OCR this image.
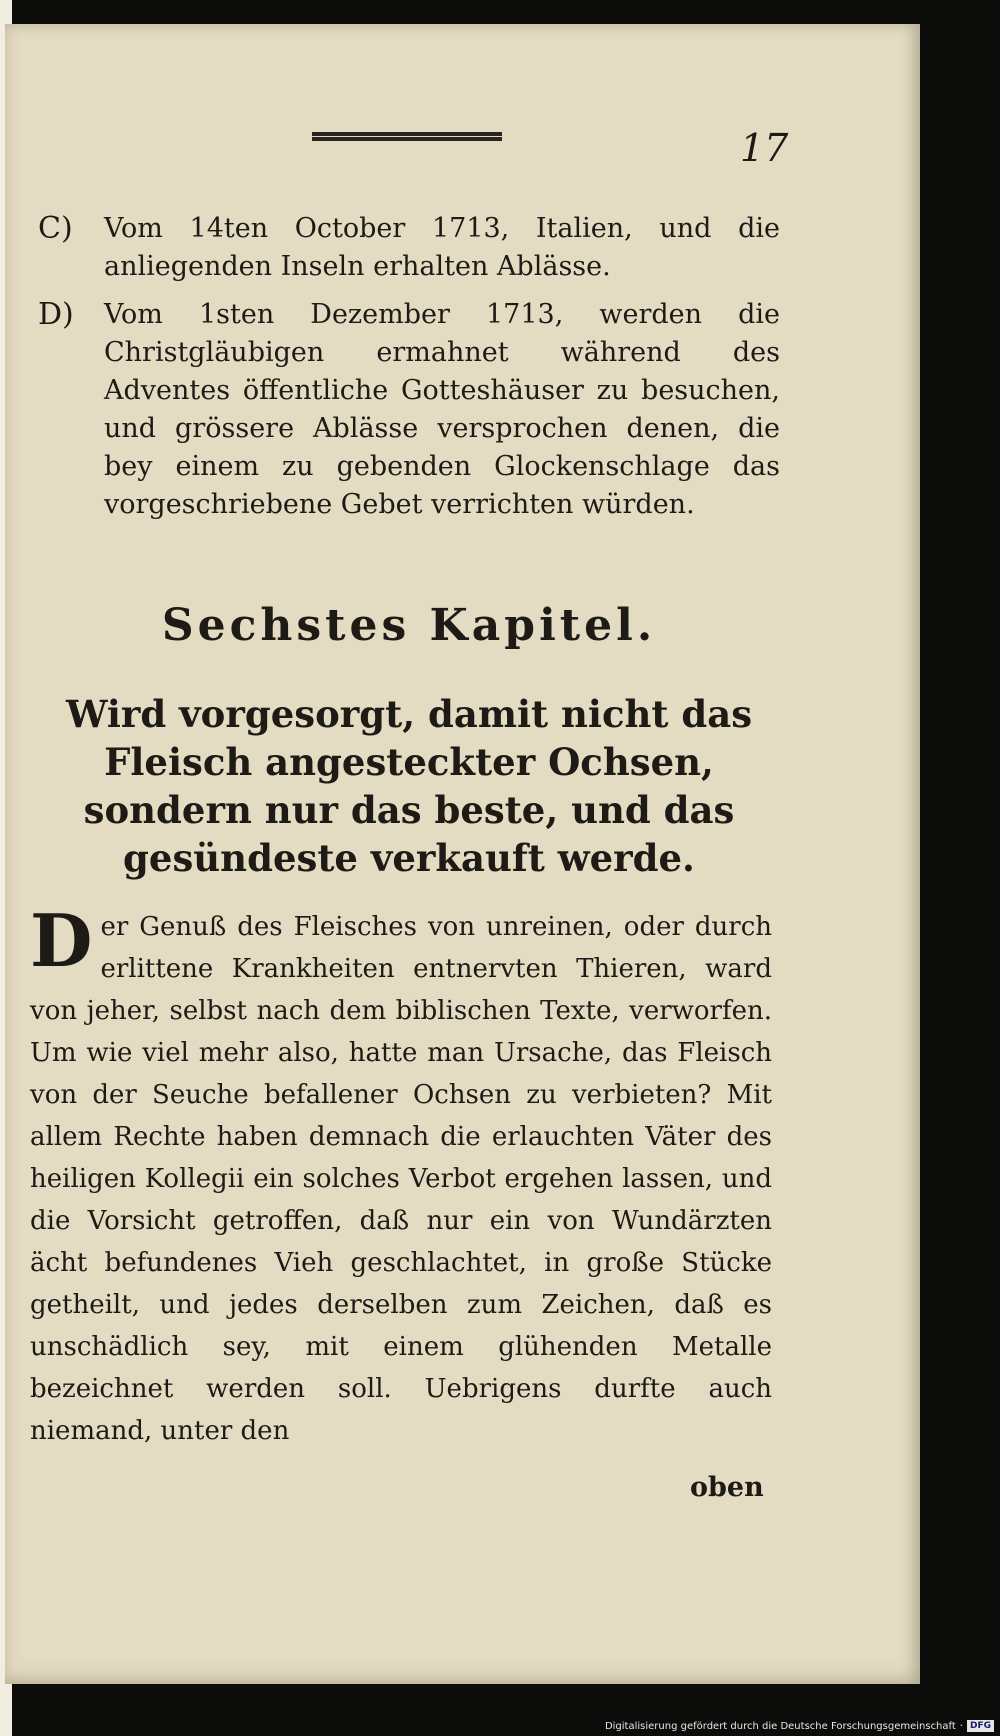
17
C) Vom 14ten October 1713, Italien, und die anliegenden Inseln erhalten Ablässe.
D) Vom 1sten Dezember 1713, werden die Christgläubigen ermahnet während des Adventes öffentliche Gotteshäuser zu besuchen, und grössere Ablässe versprochen denen, die bey einem zu gebenden Glockenschlage das vorgeschriebene Gebet verrichten würden.
Sechstes Kapitel.
Wird vorgesorgt, damit nicht das Fleisch angesteckter Ochsen, sondern nur das beste, und das gesündeste verkauft werde.
Der Genuß des Fleisches von unreinen, oder durch erlittene Krankheiten entnervten Thieren, ward von jeher, selbst nach dem biblischen Texte, verworfen. Um wie viel mehr also, hatte man Ursache, das Fleisch von der Seuche befallener Ochsen zu verbieten? Mit allem Rechte haben demnach die erlauchten Väter des heiligen Kollegii ein solches Verbot ergehen lassen, und die Vorsicht getroffen, daß nur ein von Wundärzten ächt befundenes Vieh geschlachtet, in große Stücke getheilt, und jedes derselben zum Zeichen, daß es unschädlich sey, mit einem glühenden Metalle bezeichnet werden soll. Uebrigens durfte auch niemand, unter den
oben
Digitalisierung gefördert durch die Deutsche Forschungsgemeinschaft · DFG
